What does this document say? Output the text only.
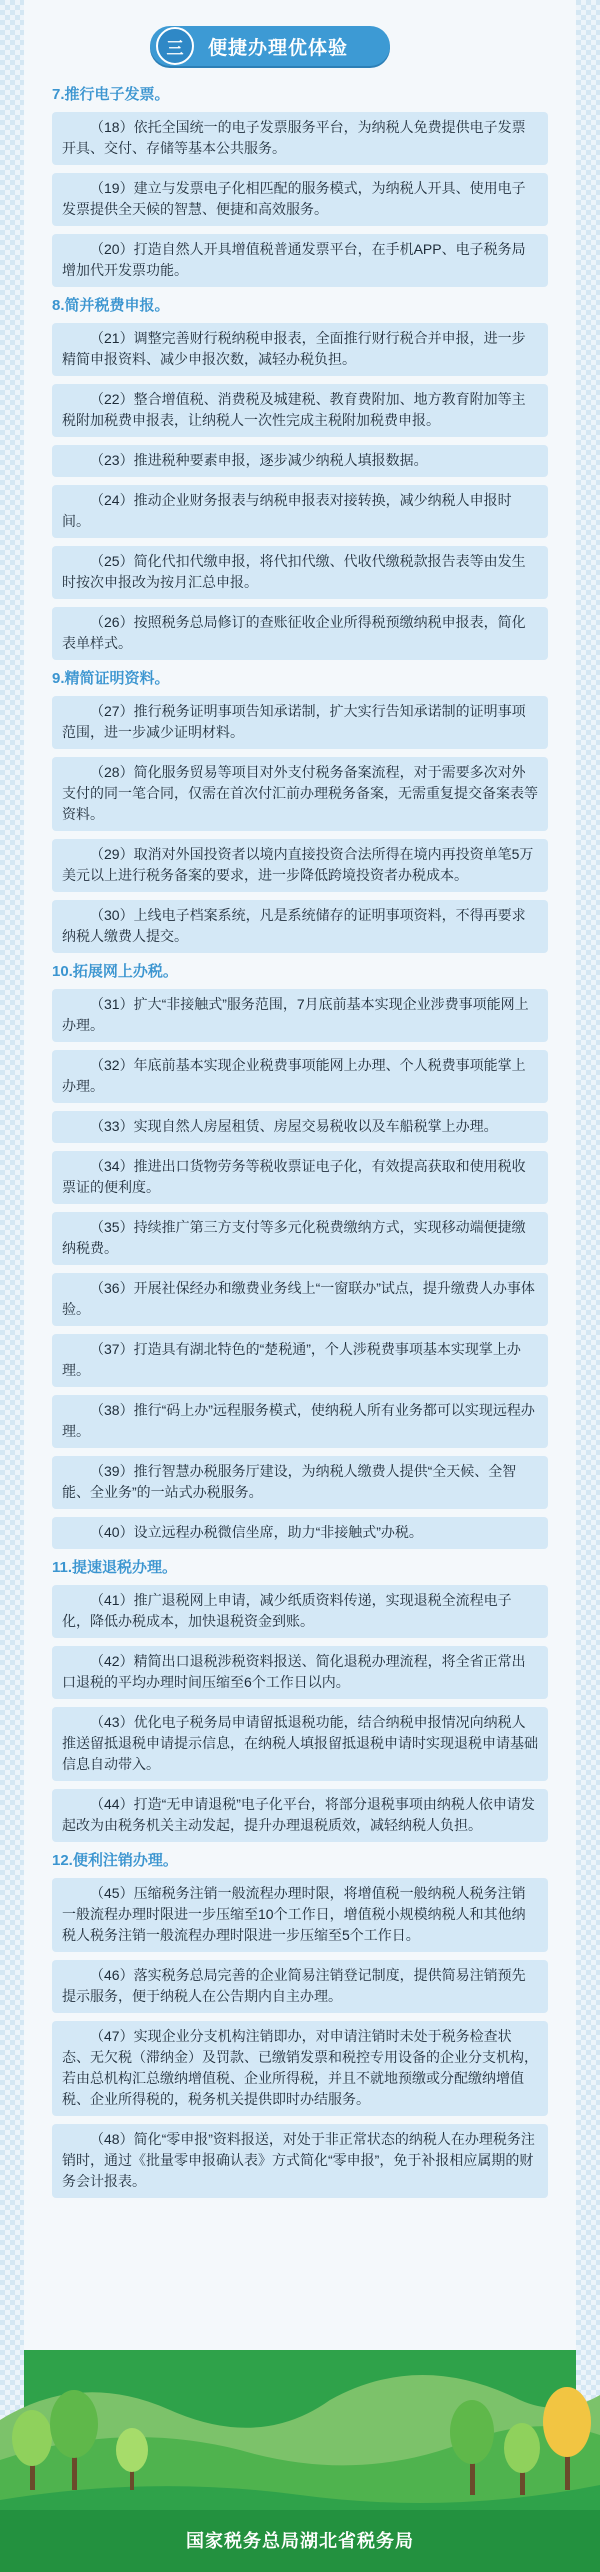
三	便捷办理优体验
7.推行电子发票。
（18）依托全国统一的电子发票服务平台，为纳税人免费提供电子发票开具、交付、存储等基本公共服务。
（19）建立与发票电子化相匹配的服务模式，为纳税人开具、使用电子发票提供全天候的智慧、便捷和高效服务。
（20）打造自然人开具增值税普通发票平台，在手机APP、电子税务局增加代开发票功能。
8.简并税费申报。
（21）调整完善财行税纳税申报表，全面推行财行税合并申报，进一步精简申报资料、减少申报次数，减轻办税负担。
（22）整合增值税、消费税及城建税、教育费附加、地方教育附加等主税附加税费申报表，让纳税人一次性完成主税附加税费申报。
（23）推进税种要素申报，逐步减少纳税人填报数据。
（24）推动企业财务报表与纳税申报表对接转换，减少纳税人申报时间。
（25）简化代扣代缴申报，将代扣代缴、代收代缴税款报告表等由发生时按次申报改为按月汇总申报。
（26）按照税务总局修订的查账征收企业所得税预缴纳税申报表，简化表单样式。
9.精简证明资料。
（27）推行税务证明事项告知承诺制，扩大实行告知承诺制的证明事项范围，进一步减少证明材料。
（28）简化服务贸易等项目对外支付税务备案流程，对于需要多次对外支付的同一笔合同，仅需在首次付汇前办理税务备案，无需重复提交备案表等资料。
（29）取消对外国投资者以境内直接投资合法所得在境内再投资单笔5万美元以上进行税务备案的要求，进一步降低跨境投资者办税成本。
（30）上线电子档案系统，凡是系统储存的证明事项资料，不得再要求纳税人缴费人提交。
10.拓展网上办税。
（31）扩大“非接触式”服务范围，7月底前基本实现企业涉费事项能网上办理。
（32）年底前基本实现企业税费事项能网上办理、个人税费事项能掌上办理。
（33）实现自然人房屋租赁、房屋交易税收以及车船税掌上办理。
（34）推进出口货物劳务等税收票证电子化，有效提高获取和使用税收票证的便利度。
（35）持续推广第三方支付等多元化税费缴纳方式，实现移动端便捷缴纳税费。
（36）开展社保经办和缴费业务线上“一窗联办”试点，提升缴费人办事体验。
（37）打造具有湖北特色的“楚税通”，个人涉税费事项基本实现掌上办理。
（38）推行“码上办”远程服务模式，使纳税人所有业务都可以实现远程办理。
（39）推行智慧办税服务厅建设，为纳税人缴费人提供“全天候、全智能、全业务”的一站式办税服务。
（40）设立远程办税微信坐席，助力“非接触式”办税。
11.提速退税办理。
（41）推广退税网上申请，减少纸质资料传递，实现退税全流程电子化，降低办税成本，加快退税资金到账。
（42）精简出口退税涉税资料报送、简化退税办理流程，将全省正常出口退税的平均办理时间压缩至6个工作日以内。
（43）优化电子税务局申请留抵退税功能，结合纳税申报情况向纳税人推送留抵退税申请提示信息，在纳税人填报留抵退税申请时实现退税申请基础信息自动带入。
（44）打造“无申请退税”电子化平台，将部分退税事项由纳税人依申请发起改为由税务机关主动发起，提升办理退税质效，减轻纳税人负担。
12.便利注销办理。
（45）压缩税务注销一般流程办理时限，将增值税一般纳税人税务注销一般流程办理时限进一步压缩至10个工作日，增值税小规模纳税人和其他纳税人税务注销一般流程办理时限进一步压缩至5个工作日。
（46）落实税务总局完善的企业简易注销登记制度，提供简易注销预先提示服务，便于纳税人在公告期内自主办理。
（47）实现企业分支机构注销即办，对申请注销时未处于税务检查状态、无欠税（滞纳金）及罚款、已缴销发票和税控专用设备的企业分支机构，若由总机构汇总缴纳增值税、企业所得税，并且不就地预缴或分配缴纳增值税、企业所得税的，税务机关提供即时办结服务。
（48）简化“零申报”资料报送，对处于非正常状态的纳税人在办理税务注销时，通过《批量零申报确认表》方式简化“零申报”，免于补报相应属期的财务会计报表。
国家税务总局湖北省税务局
